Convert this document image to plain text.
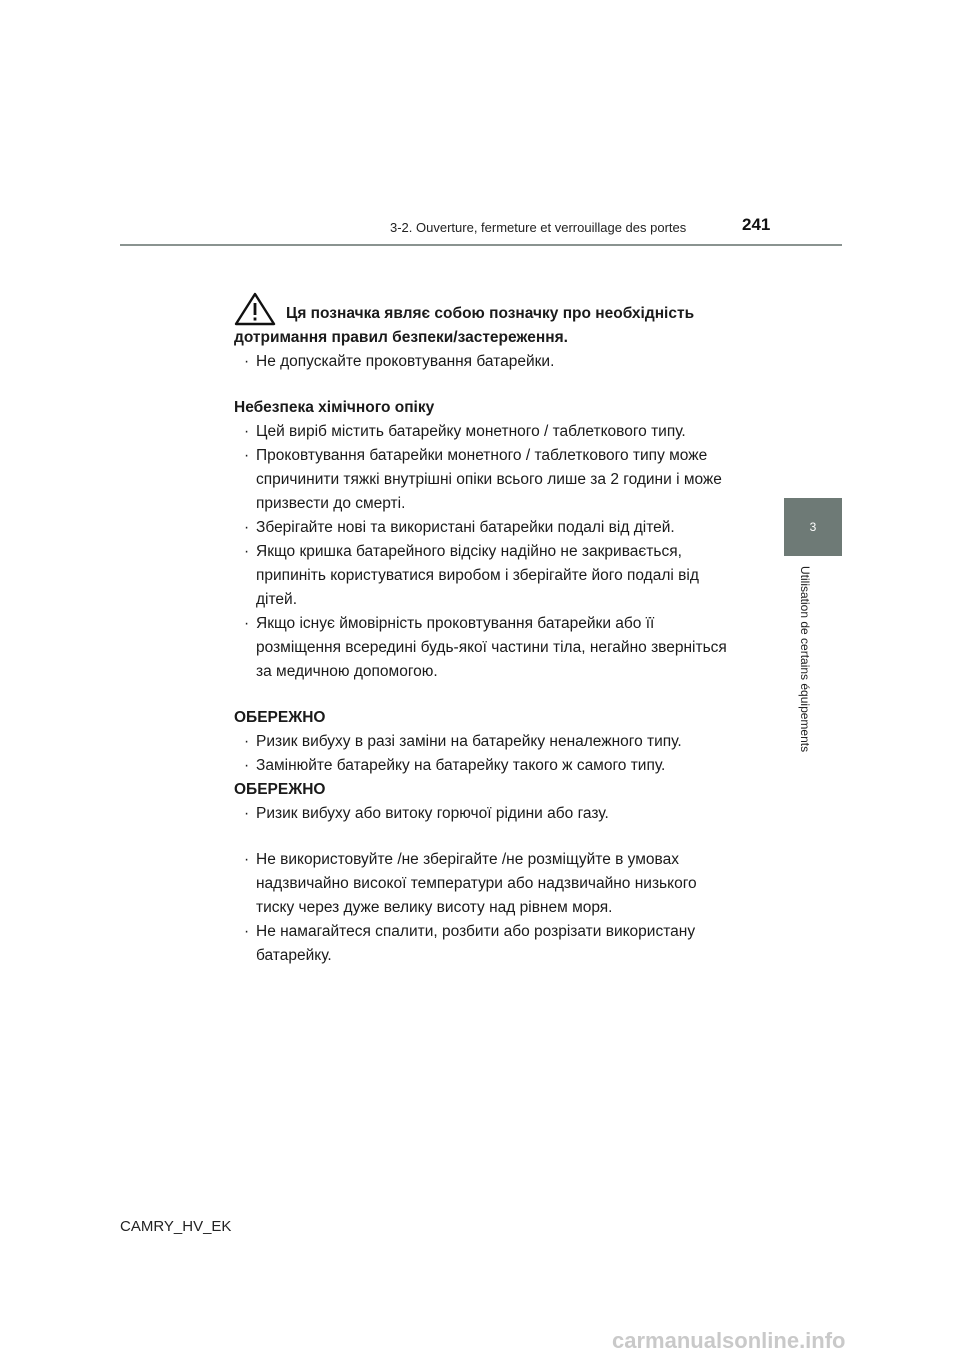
3-2. Ouverture, fermeture et verrouillage des portes	241
3
Utilisation de certains équipements
Ця позначка являє собою позначку про необхідність
дотримання правил безпеки/застереження.
· Не допускайте проковтування батарейки.
Небезпека хімічного опіку
· Цей виріб містить батарейку монетного / таблеткового типу.
· Проковтування батарейки монетного / таблеткового типу може спричинити тяжкі внутрішні опіки всього лише за 2 години і може призвести до смерті.
· Зберігайте нові та використані батарейки подалі від дітей.
· Якщо кришка батарейного відсіку надійно не закривається, припиніть користуватися виробом і зберігайте його подалі від дітей.
· Якщо існує ймовірність проковтування батарейки або її розміщення всередині будь-якої частини тіла, негайно зверніться за медичною допомогою.
ОБЕРЕЖНО
· Ризик вибуху в разі заміни на батарейку неналежного типу.
· Замінюйте батарейку на батарейку такого ж самого типу.
ОБЕРЕЖНО
· Ризик вибуху або витоку горючої рідини або газу.
· Не використовуйте /не зберігайте /не розміщуйте в умовах надзвичайно високої температури або надзвичайно низького тиску через дуже велику висоту над рівнем моря.
· Не намагайтеся спалити, розбити або розрізати використану батарейку.
CAMRY_HV_EK
carmanualsonline.info
